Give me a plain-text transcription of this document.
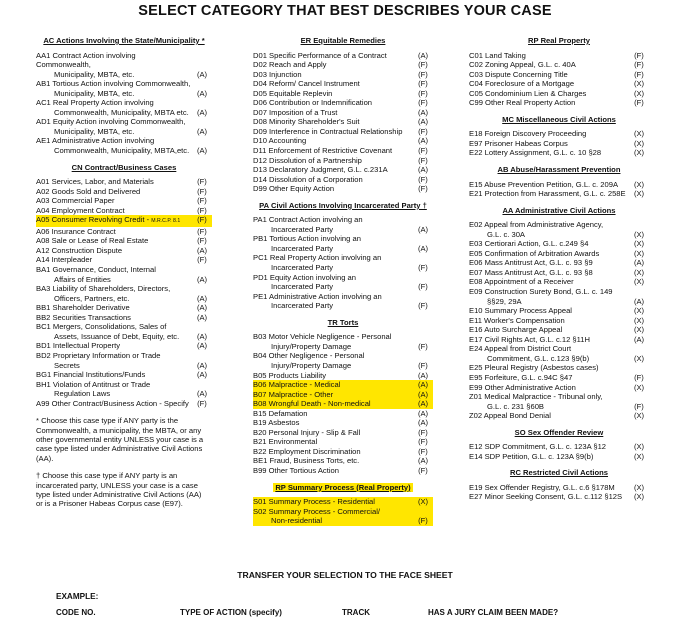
SELECT CATEGORY THAT BEST DESCRIBES YOUR CASE
AC Actions Involving the State/Municipality *
AA1 Contract Action involving Commonwealth,
Municipality, MBTA, etc.	(A)
AB1 Tortious Action involving Commonwealth,
Municipality, MBTA, etc.	(A)
AC1 Real Property Action involving
Commonwealth, Municipality, MBTA etc.	(A)
AD1 Equity Action involving Commonwealth,
Municipality, MBTA, etc.	(A)
AE1 Administrative Action involving
Commonwealth, Municipality, MBTA,etc.	(A)
CN Contract/Business Cases
A01 Services, Labor, and Materials	(F)
A02 Goods Sold and Delivered	(F)
A03 Commercial Paper	(F)
A04 Employment Contract	(F)
A05 Consumer Revolving Credit - M.R.C.P. 8.1	(F)
A06 Insurance Contract	(F)
A08 Sale or Lease of Real Estate	(F)
A12 Construction Dispute	(A)
A14 Interpleader	(F)
BA1 Governance, Conduct, Internal
Affairs of Entities	(A)
BA3 Liability of Shareholders, Directors,
Officers, Partners, etc.	(A)
BB1 Shareholder Derivative	(A)
BB2 Securities Transactions	(A)
BC1 Mergers, Consolidations, Sales of
Assets, Issuance of Debt, Equity, etc.	(A)
BD1 Intellectual Property	(A)
BD2 Proprietary Information or Trade
Secrets	(A)
BG1 Financial Institutions/Funds	(A)
BH1 Violation of Antitrust or Trade
Regulation Laws	(A)
A99 Other Contract/Business Action - Specify	(F)
* Choose this case type if ANY party is the Commonwealth, a municipality, the MBTA, or any other governmental entity UNLESS your case is a case type listed under Administrative Civil Actions (AA).
† Choose this case type if ANY party is an incarcerated party, UNLESS your case is a case type listed under Administrative Civil Actions (AA) or is a Prisoner Habeas Corpus case (E97).
ER Equitable Remedies
D01 Specific Performance of a Contract	(A)
D02 Reach and Apply	(F)
D03 Injunction	(F)
D04 Reform/ Cancel Instrument	(F)
D05 Equitable Replevin	(F)
D06 Contribution or Indemnification	(F)
D07 Imposition of a Trust	(A)
D08 Minority Shareholder's Suit	(A)
D09 Interference in Contractual Relationship	(F)
D10 Accounting	(A)
D11 Enforcement of Restrictive Covenant	(F)
D12 Dissolution of a Partnership	(F)
D13 Declaratory Judgment, G.L. c.231A	(A)
D14 Dissolution of a Corporation	(F)
D99 Other Equity Action	(F)
PA Civil Actions Involving Incarcerated Party †
PA1 Contract Action involving an
Incarcerated Party	(A)
PB1 Tortious Action involving an
Incarcerated Party	(A)
PC1 Real Property Action involving an
Incarcerated Party	(F)
PD1 Equity Action involving an
Incarcerated Party	(F)
PE1 Administrative Action involving an
Incarcerated Party	(F)
TR Torts
B03 Motor Vehicle Negligence - Personal
Injury/Property Damage	(F)
B04 Other Negligence - Personal
Injury/Property Damage	(F)
B05 Products Liability	(A)
B06 Malpractice - Medical	(A)
B07 Malpractice - Other	(A)
B08 Wrongful Death - Non-medical	(A)
B15 Defamation	(A)
B19 Asbestos	(A)
B20 Personal Injury - Slip & Fall	(F)
B21 Environmental	(F)
B22 Employment Discrimination	(F)
BE1 Fraud, Business Torts, etc.	(A)
B99 Other Tortious Action	(F)
RP Summary Process (Real Property)
S01 Summary Process - Residential	(X)
S02 Summary Process - Commercial/
Non-residential	(F)
RP Real Property
C01 Land Taking	(F)
C02 Zoning Appeal, G.L. c. 40A	(F)
C03 Dispute Concerning Title	(F)
C04 Foreclosure of a Mortgage	(X)
C05 Condominium Lien & Charges	(X)
C99 Other Real Property Action	(F)
MC Miscellaneous Civil Actions
E18 Foreign Discovery Proceeding	(X)
E97 Prisoner Habeas Corpus	(X)
E22 Lottery Assignment, G.L. c. 10 §28	(X)
AB Abuse/Harassment Prevention
E15 Abuse Prevention Petition, G.L. c. 209A	(X)
E21 Protection from Harassment, G.L. c. 258E	(X)
AA Administrative Civil Actions
E02 Appeal from Administrative Agency,
G.L. c. 30A	(X)
E03 Certiorari Action, G.L. c.249 §4	(X)
E05 Confirmation of Arbitration Awards	(X)
E06 Mass Antitrust Act, G.L. c. 93 §9	(A)
E07 Mass Antitrust Act, G.L. c. 93 §8	(X)
E08 Appointment of a Receiver	(X)
E09 Construction Surety Bond, G.L. c. 149
§§29, 29A	(A)
E10 Summary Process Appeal	(X)
E11 Worker's Compensation	(X)
E16 Auto Surcharge Appeal	(X)
E17 Civil Rights Act, G.L. c.12 §11H	(A)
E24 Appeal from District Court
Commitment, G.L. c.123 §9(b)	(X)
E25 Pleural Registry (Asbestos cases)
E95 Forfeiture, G.L. c.94C §47	(F)
E99 Other Administrative Action	(X)
Z01 Medical Malpractice - Tribunal only,
G.L. c. 231 §60B	(F)
Z02 Appeal Bond Denial	(X)
SO Sex Offender Review
E12 SDP Commitment, G.L. c. 123A §12	(X)
E14 SDP Petition, G.L. c. 123A §9(b)	(X)
RC Restricted Civil Actions
E19 Sex Offender Registry, G.L. c.6 §178M	(X)
E27 Minor Seeking Consent, G.L. c.112 §12S	(X)
TRANSFER YOUR SELECTION TO THE FACE SHEET
EXAMPLE:
CODE NO.	TYPE OF ACTION (specify)	TRACK	HAS A JURY CLAIM BEEN MADE?
